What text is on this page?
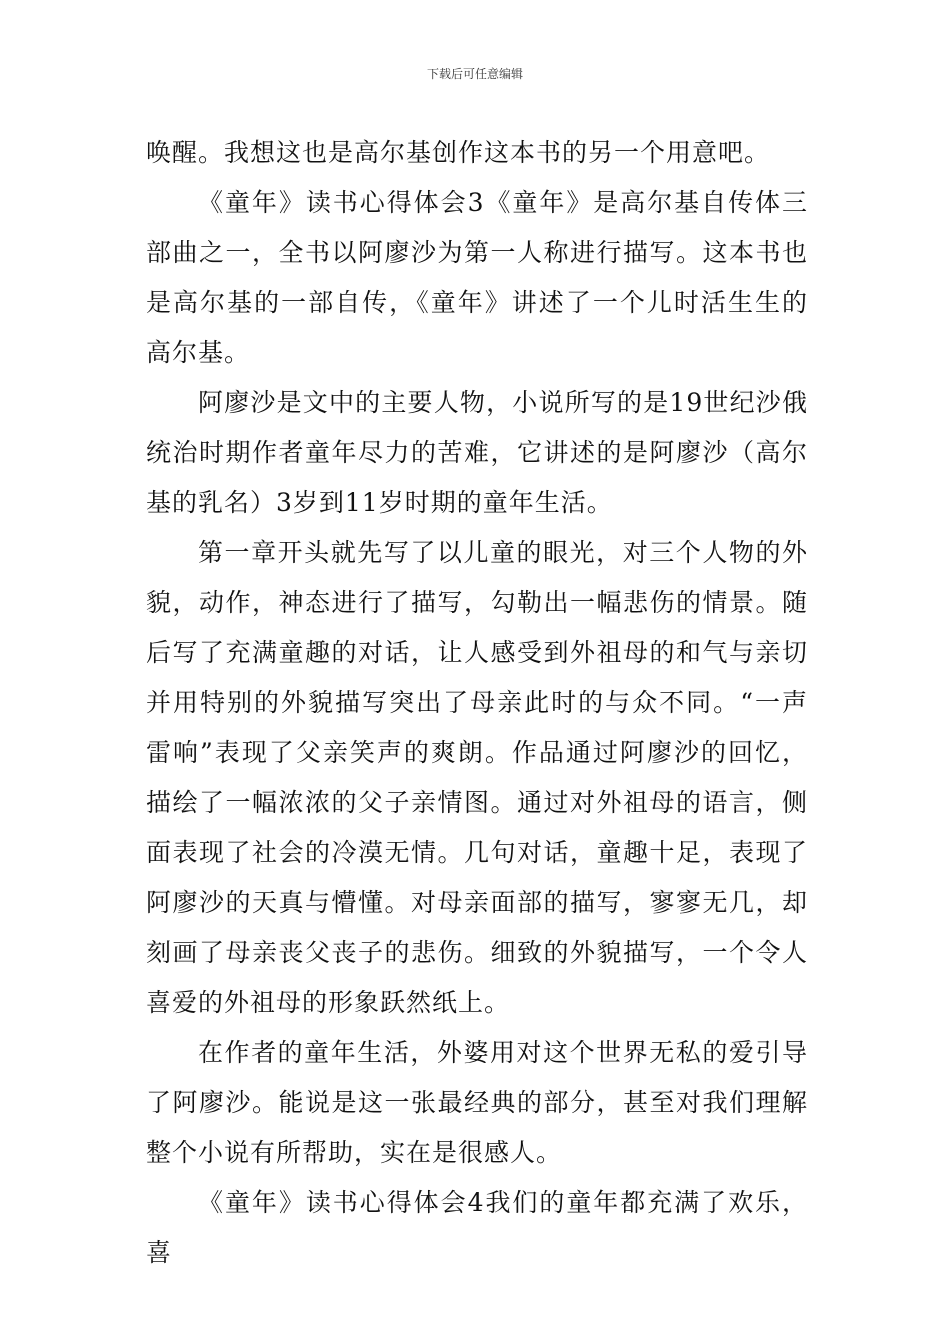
下载后可任意编辑

唤醒。我想这也是高尔基创作这本书的另一个用意吧。

《童年》读书心得体会3《童年》是高尔基自传体三部曲之一，全书以阿廖沙为第一人称进行描写。这本书也是高尔基的一部自传，《童年》讲述了一个儿时活生生的高尔基。

阿廖沙是文中的主要人物，小说所写的是19世纪沙俄统治时期作者童年尽力的苦难，它讲述的是阿廖沙（高尔基的乳名）3岁到11岁时期的童年生活。

第一章开头就先写了以儿童的眼光，对三个人物的外貌，动作，神态进行了描写，勾勒出一幅悲伤的情景。随后写了充满童趣的对话，让人感受到外祖母的和气与亲切并用特别的外貌描写突出了母亲此时的与众不同。“一声雷响”表现了父亲笑声的爽朗。作品通过阿廖沙的回忆，描绘了一幅浓浓的父子亲情图。通过对外祖母的语言，侧面表现了社会的冷漠无情。几句对话，童趣十足，表现了阿廖沙的天真与懵懂。对母亲面部的描写，寥寥无几，却刻画了母亲丧父丧子的悲伤。细致的外貌描写，一个令人喜爱的外祖母的形象跃然纸上。

在作者的童年生活，外婆用对这个世界无私的爱引导了阿廖沙。能说是这一张最经典的部分，甚至对我们理解整个小说有所帮助，实在是很感人。

《童年》读书心得体会4我们的童年都充满了欢乐，喜
